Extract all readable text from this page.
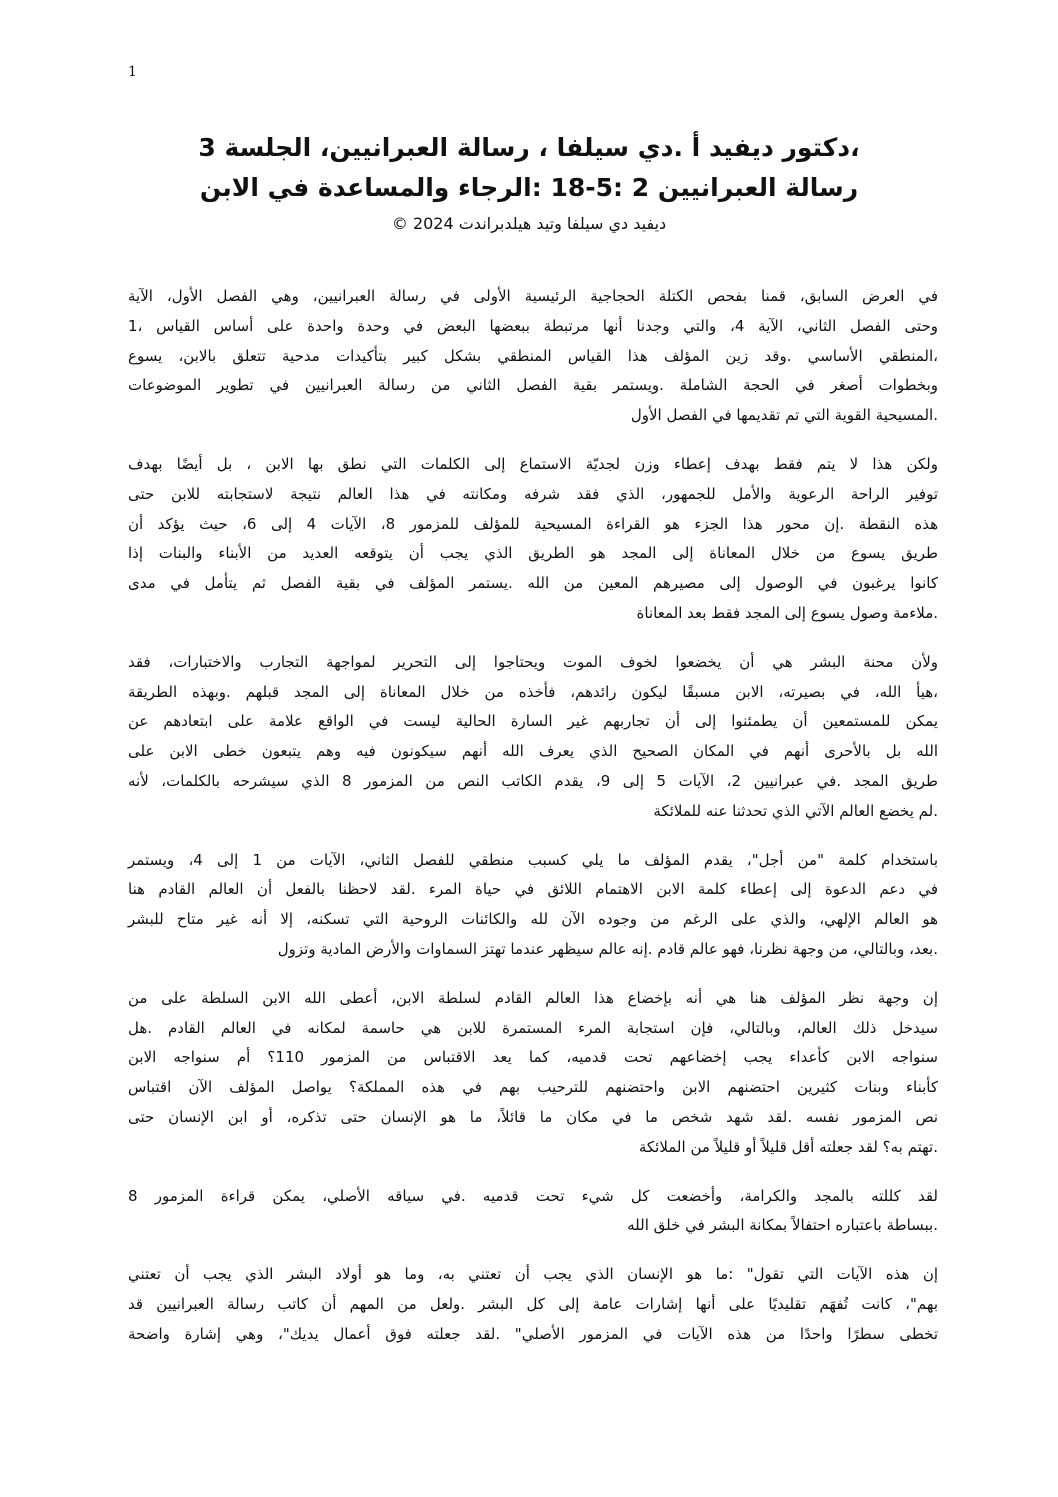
1
،دكتور ديفيد أ .دي سيلفا ، رسالة العبرانيين، الجلسة 3
رسالة العبرانيين 2 :5-18 :الرجاء والمساعدة في الابن
ديفيد دي سيلفا وتيد هيلدبراندت 2024 ©
في العرض السابق، قمنا بفحص الكتلة الحجاجية الرئيسية الأولى في رسالة العبرانيين، وهي الفصل الأول، الآية
وحتى الفصل الثاني، الآية 4، والتي وجدنا أنها مرتبطة ببعضها البعض في وحدة واحدة على أساس القياس ،1
،المنطقي الأساسي .وقد زين المؤلف هذا القياس المنطقي بشكل كبير بتأكيدات مدحية تتعلق بالابن، يسوع
وبخطوات أصغر في الحجة الشاملة .ويستمر بقية الفصل الثاني من رسالة العبرانيين في تطوير الموضوعات
.المسيحية القوية التي تم تقديمها في الفصل الأول
ولكن هذا لا يتم فقط بهدف إعطاء وزن لجديّة الاستماع إلى الكلمات التي نطق بها الابن ، بل أيضًا بهدف
توفير الراحة الرعوية والأمل للجمهور، الذي فقد شرفه ومكانته في هذا العالم نتيجة لاستجابته للابن حتى
هذه النقطة .إن محور هذا الجزء هو القراءة المسيحية للمؤلف للمزمور 8، الآيات 4 إلى 6، حيث يؤكد أن
طريق يسوع من خلال المعاناة إلى المجد هو الطريق الذي يجب أن يتوقعه العديد من الأبناء والبنات إذا
كانوا يرغبون في الوصول إلى مصيرهم المعين من الله .يستمر المؤلف في بقية الفصل ثم يتأمل في مدى
.ملاءمة وصول يسوع إلى المجد فقط بعد المعاناة
ولأن محنة البشر هي أن يخضعوا لخوف الموت ويحتاجوا إلى التحرير لمواجهة التجارب والاختبارات، فقد
،هيأ الله، في بصيرته، الابن مسبقًا ليكون رائدهم، فأخذه من خلال المعاناة إلى المجد قبلهم .وبهذه الطريقة
يمكن للمستمعين أن يطمئنوا إلى أن تجاربهم غير السارة الحالية ليست في الواقع علامة على ابتعادهم عن
الله بل بالأحرى أنهم في المكان الصحيح الذي يعرف الله أنهم سيكونون فيه وهم يتبعون خطى الابن على
طريق المجد .في عبرانيين 2، الآيات 5 إلى 9، يقدم الكاتب النص من المزمور 8 الذي سيشرحه بالكلمات، لأنه
.لم يخضع العالم الآتي الذي تحدثنا عنه للملائكة
باستخدام كلمة "من أجل"، يقدم المؤلف ما يلي كسبب منطقي للفصل الثاني، الآيات من 1 إلى 4، ويستمر
في دعم الدعوة إلى إعطاء كلمة الابن الاهتمام اللائق في حياة المرء .لقد لاحظنا بالفعل أن العالم القادم هنا
هو العالم الإلهي، والذي على الرغم من وجوده الآن لله والكائنات الروحية التي تسكنه، إلا أنه غير متاح للبشر
.بعد، وبالتالي، من وجهة نظرنا، فهو عالم قادم .إنه عالم سيظهر عندما تهتز السماوات والأرض المادية وتزول
إن وجهة نظر المؤلف هنا هي أنه بإخضاع هذا العالم القادم لسلطة الابن، أعطى الله الابن السلطة على من
سيدخل ذلك العالم، وبالتالي، فإن استجابة المرء المستمرة للابن هي حاسمة لمكانه في العالم القادم .هل
سنواجه الابن كأعداء يجب إخضاعهم تحت قدميه، كما يعد الاقتباس من المزمور 110؟ أم سنواجه الابن
كأبناء وبنات كثيرين احتضنهم الابن واحتضنهم للترحيب بهم في هذه المملكة؟ يواصل المؤلف الآن اقتباس
نص المزمور نفسه .لقد شهد شخص ما في مكان ما قائلاً، ما هو الإنسان حتى تذكره، أو ابن الإنسان حتى
.تهتم به؟ لقد جعلته أقل قليلاً أو قليلاً من الملائكة
لقد كللته بالمجد والكرامة، وأخضعت كل شيء تحت قدميه .في سياقه الأصلي، يمكن قراءة المزمور 8
.ببساطة باعتباره احتفالاً بمكانة البشر في خلق الله
إن هذه الآيات التي تقول" :ما هو الإنسان الذي يجب أن تعتني به، وما هو أولاد البشر الذي يجب أن تعتني
بهم"، كانت تُفهَم تقليديًا على أنها إشارات عامة إلى كل البشر .ولعل من المهم أن كاتب رسالة العبرانيين قد
تخطى سطرًا واحدًا من هذه الآيات في المزمور الأصلي" .لقد جعلته فوق أعمال يديك"، وهي إشارة واضحة
